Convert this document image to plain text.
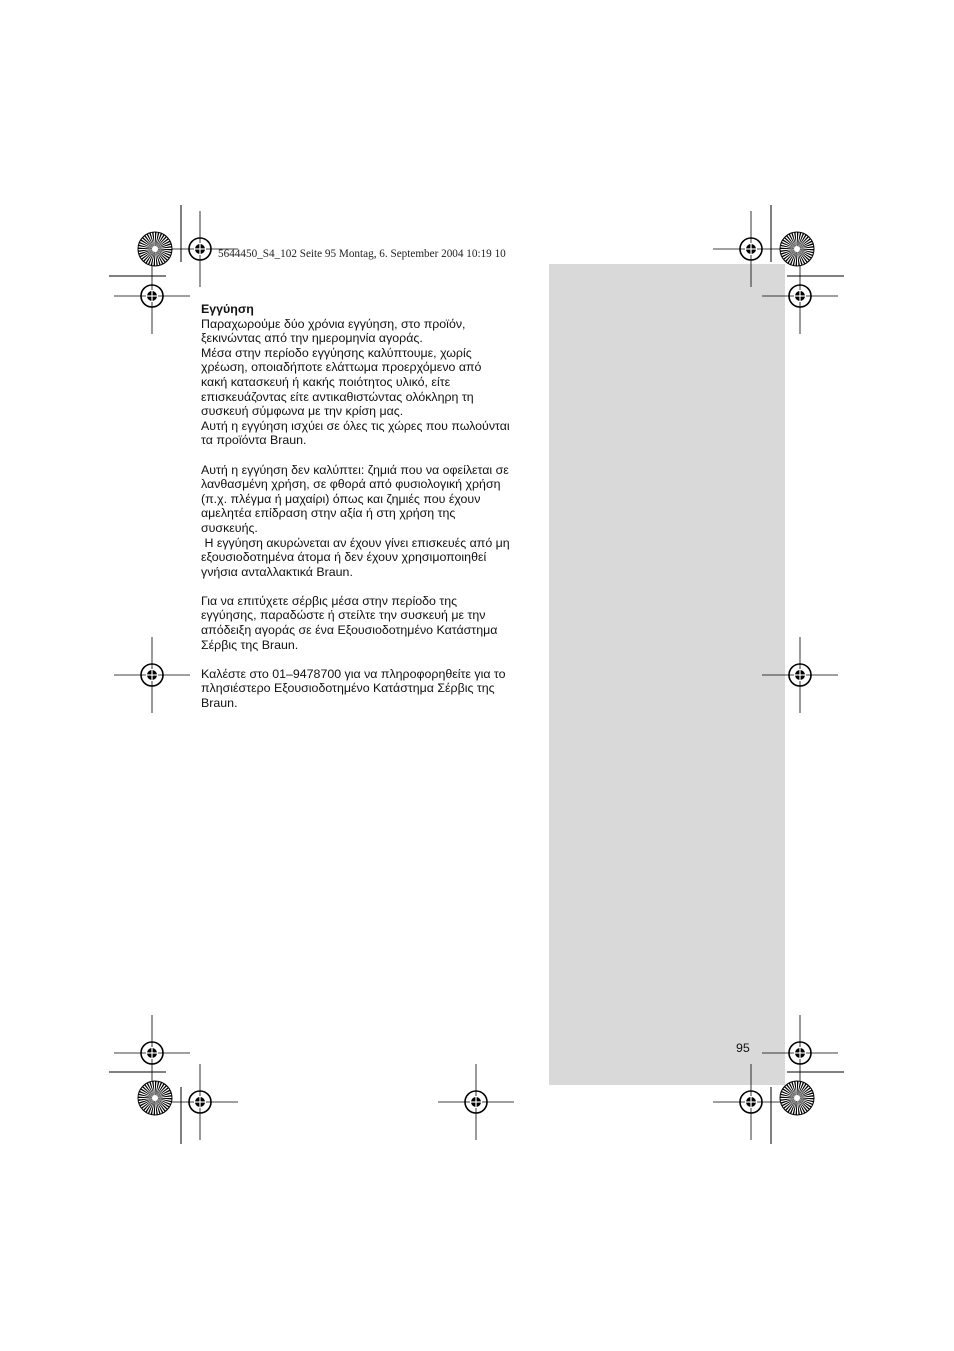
5644450_S4_102 Seite 95 Montag, 6. September 2004 10:19 10

Εγγύηση
Παραχωρούμε δύο χρόνια εγγύηση, στο προϊόν,
ξεκινώντας από την ημερομηνία αγοράς.
Μέσα στην περίοδο εγγύησης καλύπτουμε, χωρίς
χρέωση, οποιαδήποτε ελάττωμα προερχόμενο από
κακή κατασκευή ή κακής ποιότητος υλικό, είτε
επισκευάζοντας είτε αντικαθιστώντας ολόκληρη τη
συσκευή σύμφωνα με την κρίση μας.
Αυτή η εγγύηση ισχύει σε όλες τις χώρες που πωλούνται
τα προϊόντα Braun.

Αυτή η εγγύηση δεν καλύπτει: ζημιά που να οφείλεται σε
λανθασμένη χρήση, σε φθορά από φυσιολογική χρήση
(π.χ. πλέγμα ή μαχαίρι) όπως και ζημιές που έχουν
αμελητέα επίδραση στην αξία ή στη χρήση της
συσκευής.
Η εγγύηση ακυρώνεται αν έχουν γίνει επισκευές από μη
εξουσιοδοτημένα άτομα ή δεν έχουν χρησιμοποιηθεί
γνήσια ανταλλακτικά Braun.

Για να επιτύχετε σέρβις μέσα στην περίοδο της
εγγύησης, παραδώστε ή στείλτε την συσκευή με την
απόδειξη αγοράς σε ένα Εξουσιοδοτημένο Κατάστημα
Σέρβις της Braun.

Καλέστε στο 01–9478700 για να πληροφορηθείτε για το
πλησιέστερο Εξουσιοδοτημένο Κατάστημα Σέρβις της
Braun.

95
